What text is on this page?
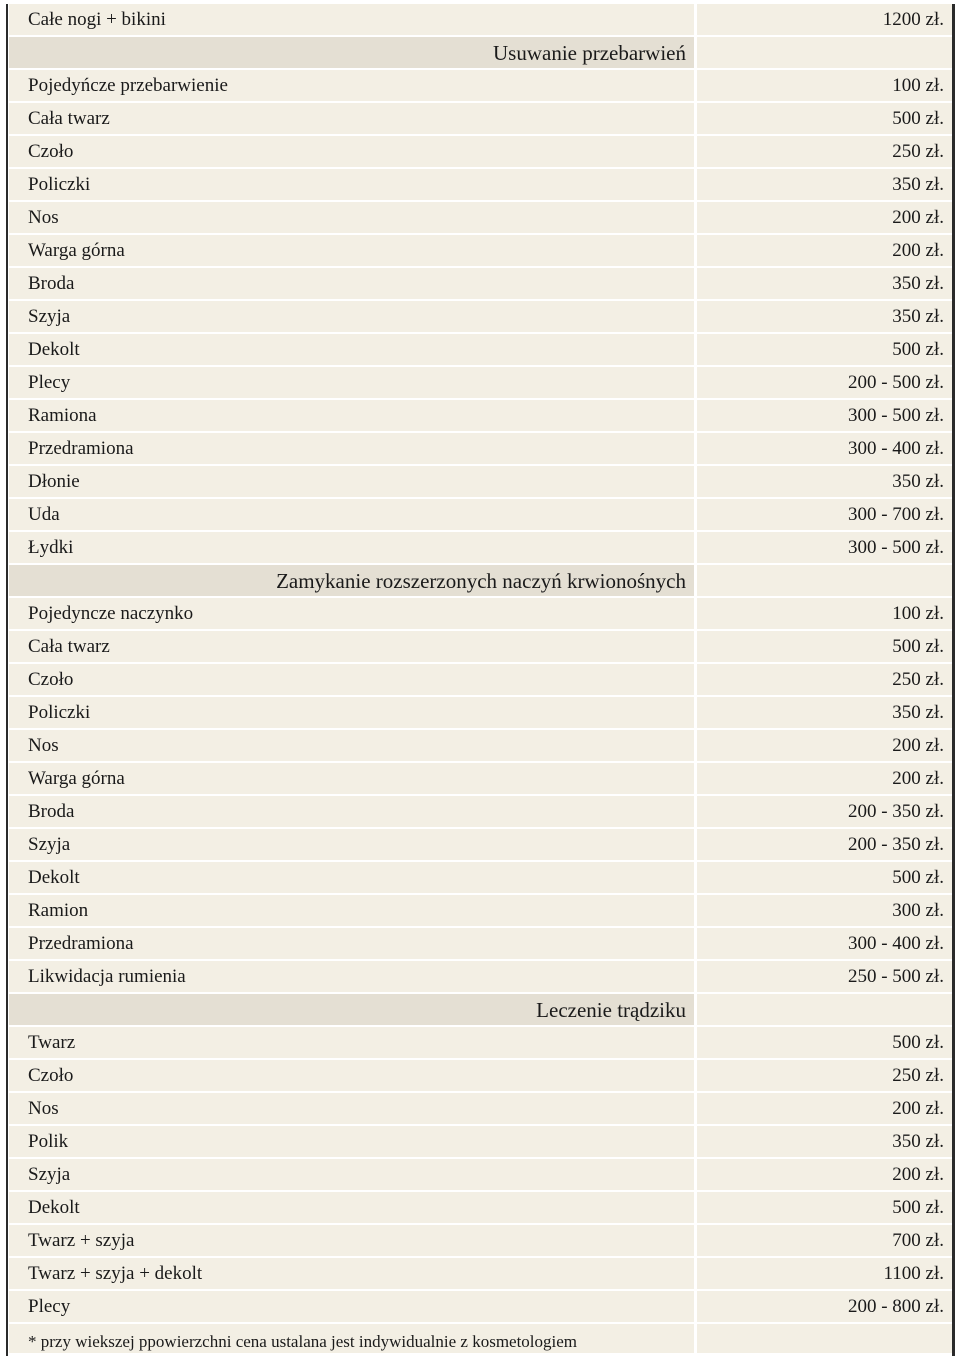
Całe nogi + bikini	1200 zł.
Usuwanie przebarwień
Pojedyńcze przebarwienie	100 zł.
Cała twarz	500 zł.
Czoło	250 zł.
Policzki	350 zł.
Nos	200 zł.
Warga górna	200 zł.
Broda	350 zł.
Szyja	350 zł.
Dekolt	500 zł.
Plecy	200 - 500 zł.
Ramiona	300 - 500 zł.
Przedramiona	300 - 400 zł.
Dłonie	350 zł.
Uda	300 - 700 zł.
Łydki	300 - 500 zł.
Zamykanie rozszerzonych naczyń krwionośnych
Pojedyncze naczynko	100 zł.
Cała twarz	500 zł.
Czoło	250 zł.
Policzki	350 zł.
Nos	200 zł.
Warga górna	200 zł.
Broda	200 - 350 zł.
Szyja	200 - 350 zł.
Dekolt	500 zł.
Ramion	300 zł.
Przedramiona	300 - 400 zł.
Likwidacja rumienia	250 - 500 zł.
Leczenie trądziku
Twarz	500 zł.
Czoło	250 zł.
Nos	200 zł.
Polik	350 zł.
Szyja	200 zł.
Dekolt	500 zł.
Twarz + szyja	700 zł.
Twarz + szyja + dekolt	1100 zł.
Plecy	200 - 800 zł.
* przy wiekszej ppowierzchni cena ustalana jest indywidualnie z kosmetologiem
